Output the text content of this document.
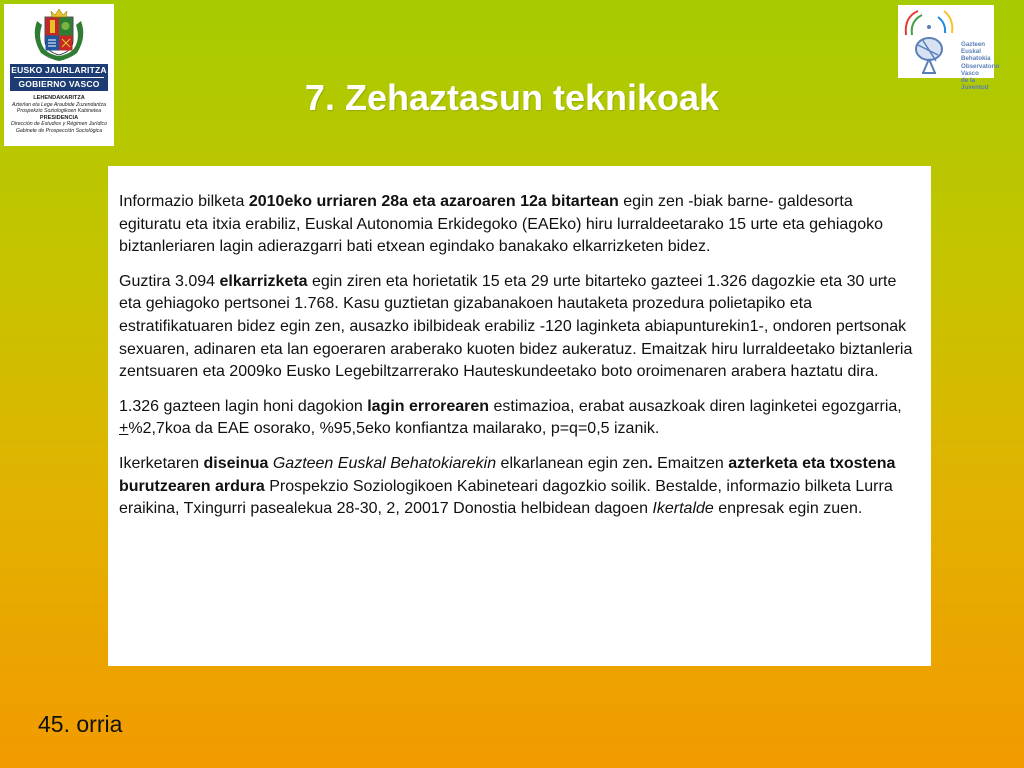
EUSKO JAURLARITZA
GOBIERNO VASCO
LEHENDAKARITZA
Azterlan eta Lege Araubide Zuzendaritza
Prospekzio Soziologikoen Kabinetea
PRESIDENCIA
Dirección de Estudios y Régimen Jurídico
Gabinete de Prospección Sociológica
Gazteen
Euskal Behatokia
Observatorio Vasco
de la Juventud
7. Zehaztasun teknikoak

Informazio bilketa 2010eko urriaren 28a eta azaroaren 12a bitartean egin zen -biak barne- galdesorta egituratu eta itxia erabiliz, Euskal Autonomia Erkidegoko (EAEko) hiru lurraldeetarako 15 urte eta gehiagoko biztanleriaren lagin adierazgarri bati etxean egindako banakako elkarrizketen bidez.

Guztira 3.094 elkarrizketa egin ziren eta horietatik 15 eta 29 urte bitarteko gazteei 1.326 dagozkie eta 30 urte eta gehiagoko pertsonei 1.768. Kasu guztietan gizabanakoen hautaketa prozedura polietapiko eta estratifikatuaren bidez egin zen, ausazko ibilbideak erabiliz -120 laginketa abiapunturekin1-, ondoren pertsonak sexuaren, adinaren eta lan egoeraren araberako kuoten bidez aukeratuz. Emaitzak hiru lurraldeetako biztanleria zentsuaren eta 2009ko Eusko Legebiltzarrerako Hauteskundeetako boto oroimenaren arabera haztatu dira.

1.326 gazteen lagin honi dagokion lagin errorearen estimazioa, erabat ausazkoak diren laginketei egozgarria, +%2,7koa da EAE osorako, %95,5eko konfiantza mailarako, p=q=0,5 izanik.

Ikerketaren diseinua Gazteen Euskal Behatokiarekin elkarlanean egin zen. Emaitzen azterketa eta txostena burutzearen ardura Prospekzio Soziologikoen Kabineteari dagozkio soilik. Bestalde, informazio bilketa Lurra eraikina, Txingurri pasealekua 28-30, 2, 20017 Donostia helbidean dagoen Ikertalde enpresak egin zuen.

45. orria
